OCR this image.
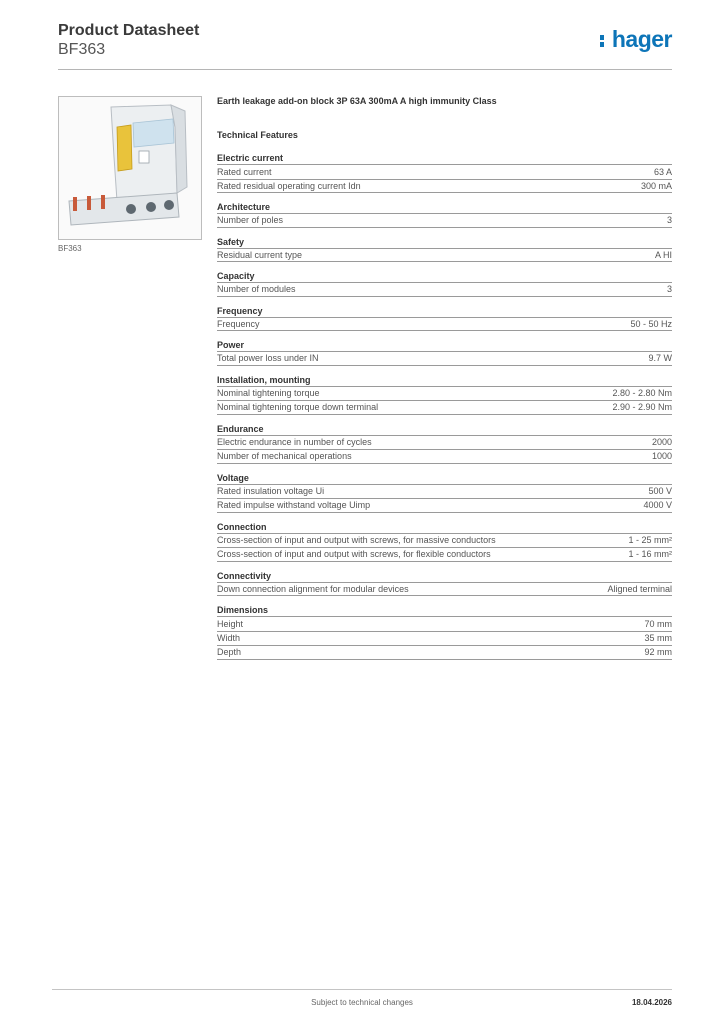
Product Datasheet
BF363	hager
BF363
Earth leakage add-on block 3P 63A 300mA A high immunity Class
Technical Features
Electric current
Rated current	63 A
Rated residual operating current Idn	300 mA
Architecture
Number of poles	3
Safety
Residual current type	A HI
Capacity
Number of modules	3
Frequency
Frequency	50 - 50 Hz
Power
Total power loss under IN	9.7 W
Installation, mounting
Nominal tightening torque	2.80 - 2.80 Nm
Nominal tightening torque down terminal	2.90 - 2.90 Nm
Endurance
Electric endurance in number of cycles	2000
Number of mechanical operations	1000
Voltage
Rated insulation voltage Ui	500 V
Rated impulse withstand voltage Uimp	4000 V
Connection
Cross-section of input and output with screws, for massive conductors	1 - 25 mm²
Cross-section of input and output with screws, for flexible conductors	1 - 16 mm²
Connectivity
Down connection alignment for modular devices	Aligned terminal
Dimensions
Height	70 mm
Width	35 mm
Depth	92 mm
Subject to technical changes	18.04.2026
